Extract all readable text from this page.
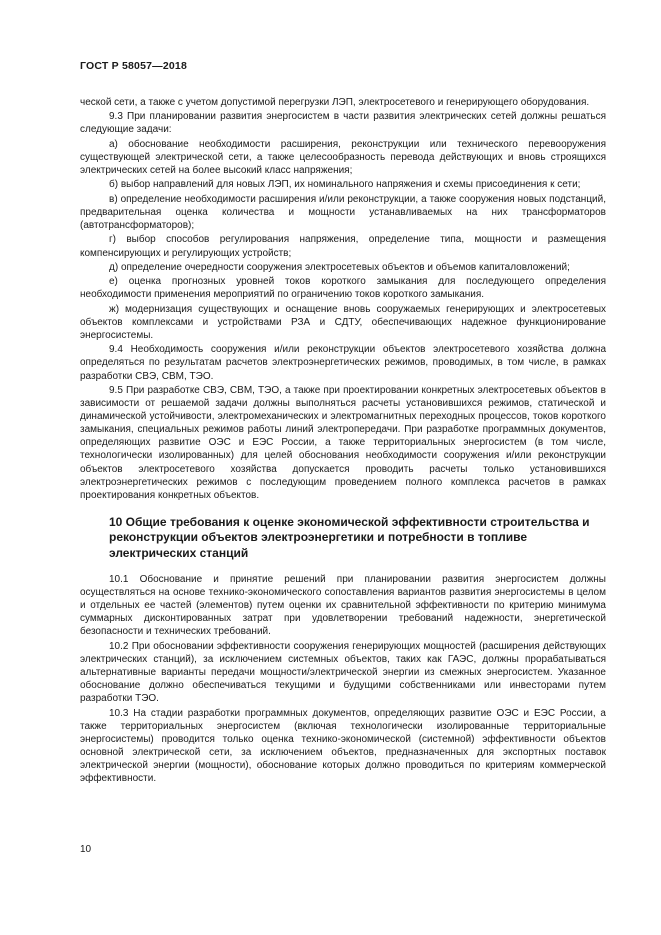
ГОСТ Р 58057—2018

ческой сети, а также с учетом допустимой перегрузки ЛЭП, электросетевого и генерирующего оборудования.

9.3 При планировании развития энергосистем в части развития электрических сетей должны решаться следующие задачи:

а) обоснование необходимости расширения, реконструкции или технического перевооружения существующей электрической сети, а также целесообразность перевода действующих и вновь строящихся электрических сетей на более высокий класс напряжения;

б) выбор направлений для новых ЛЭП, их номинального напряжения и схемы присоединения к сети;

в) определение необходимости расширения и/или реконструкции, а также сооружения новых подстанций, предварительная оценка количества и мощности устанавливаемых на них трансформаторов (автотрансформаторов);

г) выбор способов регулирования напряжения, определение типа, мощности и размещения компенсирующих и регулирующих устройств;

д) определение очередности сооружения электросетевых объектов и объемов капиталовложений;

е) оценка прогнозных уровней токов короткого замыкания для последующего определения необходимости применения мероприятий по ограничению токов короткого замыкания.

ж) модернизация существующих и оснащение вновь сооружаемых генерирующих и электросетевых объектов комплексами и устройствами РЗА и СДТУ, обеспечивающих надежное функционирование энергосистемы.

9.4 Необходимость сооружения и/или реконструкции объектов электросетевого хозяйства должна определяться по результатам расчетов электроэнергетических режимов, проводимых, в том числе, в рамках разработки СВЭ, СВМ, ТЭО.

9.5 При разработке СВЭ, СВМ, ТЭО, а также при проектировании конкретных электросетевых объектов в зависимости от решаемой задачи должны выполняться расчеты установившихся режимов, статической и динамической устойчивости, электромеханических и электромагнитных переходных процессов, токов короткого замыкания, специальных режимов работы линий электропередачи. При разработке программных документов, определяющих развитие ОЭС и ЕЭС России, а также территориальных энергосистем (в том числе, технологически изолированных) для целей обоснования необходимости сооружения и/или реконструкции объектов электросетевого хозяйства допускается проводить расчеты только установившихся электроэнергетических режимов с последующим проведением полного комплекса расчетов в рамках проектирования конкретных объектов.

10 Общие требования к оценке экономической эффективности строительства и реконструкции объектов электроэнергетики и потребности в топливе электрических станций

10.1 Обоснование и принятие решений при планировании развития энергосистем должны осуществляться на основе технико-экономического сопоставления вариантов развития энергосистемы в целом и отдельных ее частей (элементов) путем оценки их сравнительной эффективности по критерию минимума суммарных дисконтированных затрат при удовлетворении требований надежности, энергетической безопасности и технических требований.

10.2 При обосновании эффективности сооружения генерирующих мощностей (расширения действующих электрических станций), за исключением системных объектов, таких как ГАЭС, должны прорабатываться альтернативные варианты передачи мощности/электрической энергии из смежных энергосистем. Указанное обоснование должно обеспечиваться текущими и будущими собственниками или инвесторами путем разработки ТЭО.

10.3 На стадии разработки программных документов, определяющих развитие ОЭС и ЕЭС России, а также территориальных энергосистем (включая технологически изолированные территориальные энергосистемы) проводится только оценка технико-экономической (системной) эффективности объектов основной электрической сети, за исключением объектов, предназначенных для экспортных поставок электрической энергии (мощности), обоснование которых должно проводиться по критериям коммерческой эффективности.

10
